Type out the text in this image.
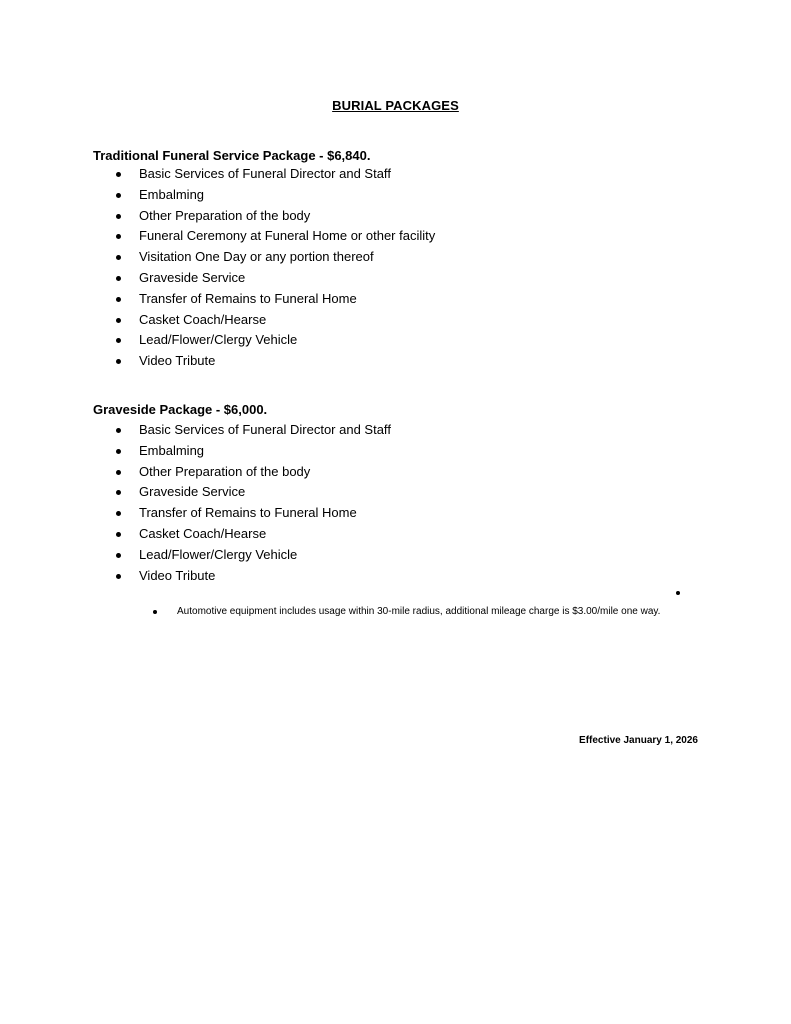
BURIAL PACKAGES
Traditional Funeral Service Package - $6,840.
Basic Services of Funeral Director and Staff
Embalming
Other Preparation of the body
Funeral Ceremony at Funeral Home or other facility
Visitation One Day or any portion thereof
Graveside Service
Transfer of Remains to Funeral Home
Casket Coach/Hearse
Lead/Flower/Clergy Vehicle
Video Tribute
Graveside Package - $6,000.
Basic Services of Funeral Director and Staff
Embalming
Other Preparation of the body
Graveside Service
Transfer of Remains to Funeral Home
Casket Coach/Hearse
Lead/Flower/Clergy Vehicle
Video Tribute
Automotive equipment includes usage within 30-mile radius, additional mileage charge is $3.00/mile one way.
Effective January 1, 2026
